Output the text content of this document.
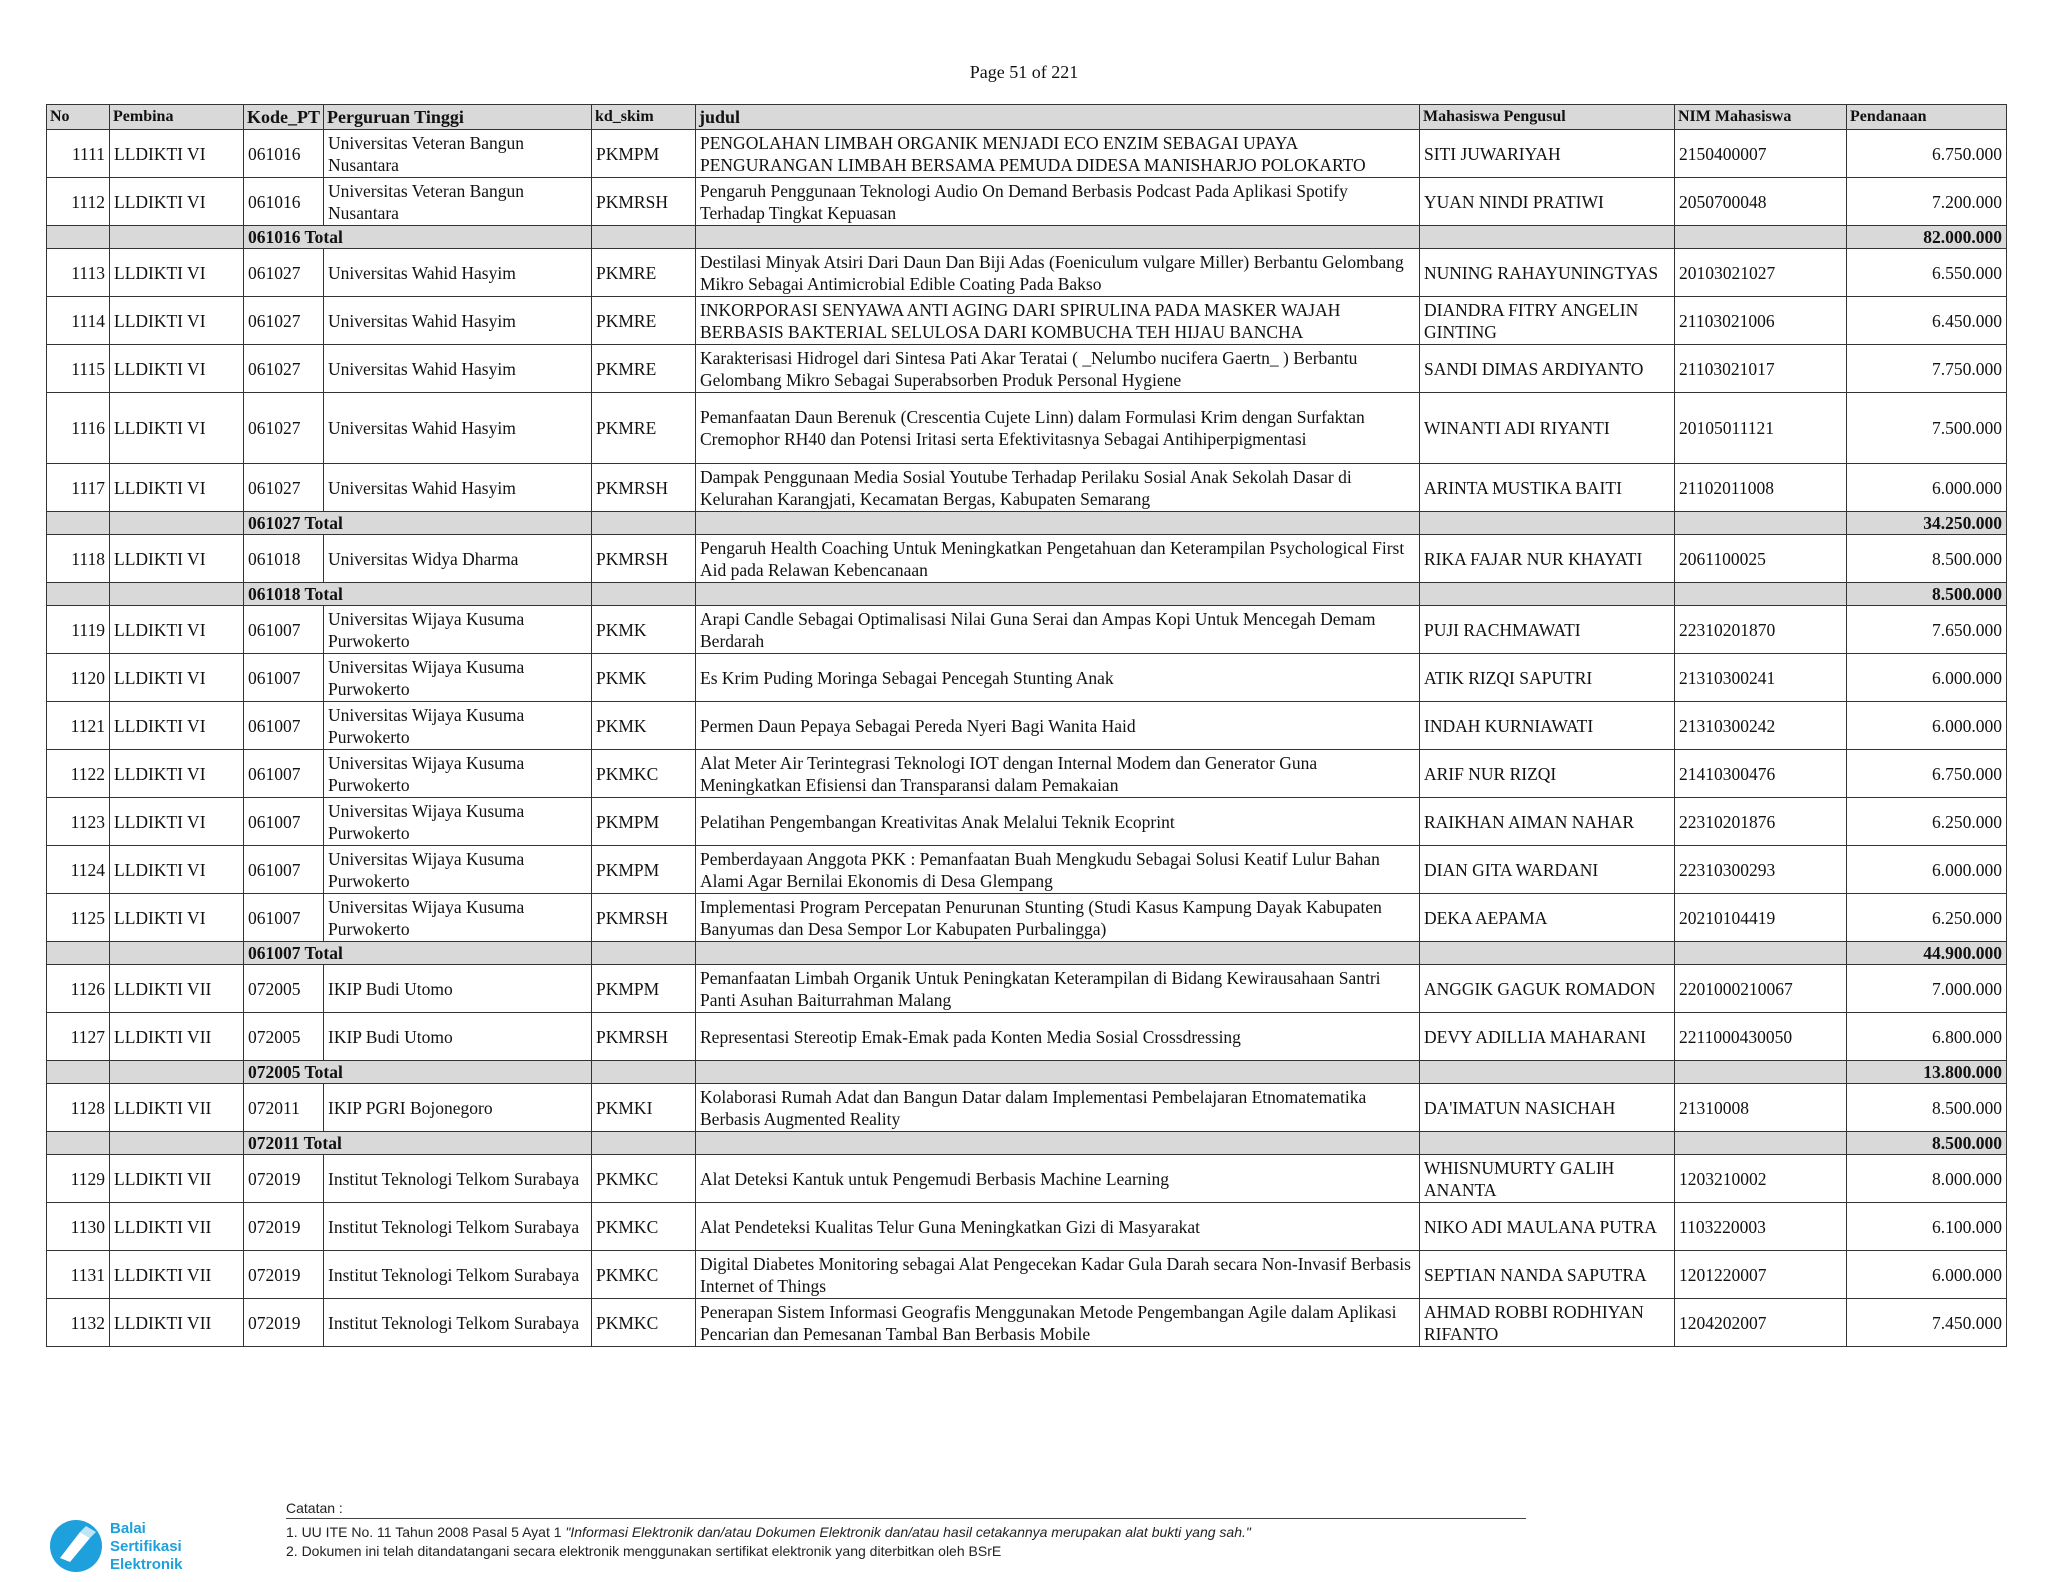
Page 51 of 221
No	Pembina	Kode_PT	Perguruan Tinggi	kd_skim	judul	Mahasiswa Pengusul	NIM Mahasiswa	Pendanaan
1111	LLDIKTI VI	061016	Universitas Veteran Bangun Nusantara	PKMPM	PENGOLAHAN LIMBAH ORGANIK MENJADI ECO ENZIM SEBAGAI UPAYA PENGURANGAN LIMBAH BERSAMA PEMUDA DIDESA MANISHARJO POLOKARTO	SITI JUWARIYAH	2150400007	6.750.000
1112	LLDIKTI VI	061016	Universitas Veteran Bangun Nusantara	PKMRSH	Pengaruh Penggunaan Teknologi Audio On Demand Berbasis Podcast Pada Aplikasi Spotify Terhadap Tingkat Kepuasan	YUAN NINDI PRATIWI	2050700048	7.200.000
		061016 Total						82.000.000
1113	LLDIKTI VI	061027	Universitas Wahid Hasyim	PKMRE	Destilasi Minyak Atsiri Dari Daun Dan Biji Adas (Foeniculum vulgare Miller) Berbantu Gelombang Mikro Sebagai Antimicrobial Edible Coating Pada Bakso	NUNING RAHAYUNINGTYAS	20103021027	6.550.000
1114	LLDIKTI VI	061027	Universitas Wahid Hasyim	PKMRE	INKORPORASI SENYAWA ANTI AGING DARI SPIRULINA PADA MASKER WAJAH BERBASIS BAKTERIAL SELULOSA DARI KOMBUCHA TEH HIJAU BANCHA	DIANDRA FITRY ANGELIN GINTING	21103021006	6.450.000
1115	LLDIKTI VI	061027	Universitas Wahid Hasyim	PKMRE	Karakterisasi Hidrogel dari Sintesa Pati Akar Teratai ( _Nelumbo nucifera Gaertn_ ) Berbantu Gelombang Mikro Sebagai Superabsorben Produk Personal Hygiene	SANDI DIMAS ARDIYANTO	21103021017	7.750.000
1116	LLDIKTI VI	061027	Universitas Wahid Hasyim	PKMRE	Pemanfaatan Daun Berenuk (Crescentia Cujete Linn) dalam Formulasi Krim dengan Surfaktan Cremophor RH40 dan Potensi Iritasi serta Efektivitasnya Sebagai Antihiperpigmentasi	WINANTI ADI RIYANTI	20105011121	7.500.000
1117	LLDIKTI VI	061027	Universitas Wahid Hasyim	PKMRSH	Dampak Penggunaan Media Sosial Youtube Terhadap Perilaku Sosial Anak Sekolah Dasar di Kelurahan Karangjati, Kecamatan Bergas, Kabupaten Semarang	ARINTA MUSTIKA BAITI	21102011008	6.000.000
		061027 Total						34.250.000
1118	LLDIKTI VI	061018	Universitas Widya Dharma	PKMRSH	Pengaruh Health Coaching Untuk Meningkatkan Pengetahuan dan Keterampilan Psychological First Aid pada Relawan Kebencanaan	RIKA FAJAR NUR KHAYATI	2061100025	8.500.000
		061018 Total						8.500.000
1119	LLDIKTI VI	061007	Universitas Wijaya Kusuma Purwokerto	PKMK	Arapi Candle Sebagai Optimalisasi Nilai Guna Serai dan Ampas Kopi Untuk Mencegah Demam Berdarah	PUJI RACHMAWATI	22310201870	7.650.000
1120	LLDIKTI VI	061007	Universitas Wijaya Kusuma Purwokerto	PKMK	Es Krim Puding Moringa Sebagai Pencegah Stunting Anak	ATIK RIZQI SAPUTRI	21310300241	6.000.000
1121	LLDIKTI VI	061007	Universitas Wijaya Kusuma Purwokerto	PKMK	Permen Daun Pepaya Sebagai Pereda Nyeri Bagi Wanita Haid	INDAH KURNIAWATI	21310300242	6.000.000
1122	LLDIKTI VI	061007	Universitas Wijaya Kusuma Purwokerto	PKMKC	Alat Meter Air Terintegrasi Teknologi IOT dengan Internal Modem dan Generator Guna Meningkatkan Efisiensi dan Transparansi dalam Pemakaian	ARIF NUR RIZQI	21410300476	6.750.000
1123	LLDIKTI VI	061007	Universitas Wijaya Kusuma Purwokerto	PKMPM	Pelatihan Pengembangan Kreativitas Anak Melalui Teknik Ecoprint	RAIKHAN AIMAN NAHAR	22310201876	6.250.000
1124	LLDIKTI VI	061007	Universitas Wijaya Kusuma Purwokerto	PKMPM	Pemberdayaan Anggota PKK : Pemanfaatan Buah Mengkudu Sebagai Solusi Keatif Lulur Bahan Alami Agar Bernilai Ekonomis di Desa Glempang	DIAN GITA WARDANI	22310300293	6.000.000
1125	LLDIKTI VI	061007	Universitas Wijaya Kusuma Purwokerto	PKMRSH	Implementasi Program Percepatan Penurunan Stunting (Studi Kasus Kampung Dayak Kabupaten Banyumas dan Desa Sempor Lor Kabupaten Purbalingga)	DEKA AEPAMA	20210104419	6.250.000
		061007 Total						44.900.000
1126	LLDIKTI VII	072005	IKIP Budi Utomo	PKMPM	Pemanfaatan Limbah Organik Untuk Peningkatan Keterampilan di Bidang Kewirausahaan Santri Panti Asuhan Baiturrahman Malang	ANGGIK GAGUK ROMADON	2201000210067	7.000.000
1127	LLDIKTI VII	072005	IKIP Budi Utomo	PKMRSH	Representasi Stereotip Emak-Emak pada Konten Media Sosial Crossdressing	DEVY ADILLIA MAHARANI	2211000430050	6.800.000
		072005 Total						13.800.000
1128	LLDIKTI VII	072011	IKIP PGRI Bojonegoro	PKMKI	Kolaborasi Rumah Adat dan Bangun Datar dalam Implementasi Pembelajaran Etnomatematika Berbasis Augmented Reality	DA'IMATUN NASICHAH	21310008	8.500.000
		072011 Total						8.500.000
1129	LLDIKTI VII	072019	Institut Teknologi Telkom Surabaya	PKMKC	Alat Deteksi Kantuk untuk Pengemudi Berbasis Machine Learning	WHISNUMURTY GALIH ANANTA	1203210002	8.000.000
1130	LLDIKTI VII	072019	Institut Teknologi Telkom Surabaya	PKMKC	Alat Pendeteksi Kualitas Telur Guna Meningkatkan Gizi di Masyarakat	NIKO ADI MAULANA PUTRA	1103220003	6.100.000
1131	LLDIKTI VII	072019	Institut Teknologi Telkom Surabaya	PKMKC	Digital Diabetes Monitoring sebagai Alat Pengecekan Kadar Gula Darah secara Non-Invasif Berbasis Internet of Things	SEPTIAN NANDA SAPUTRA	1201220007	6.000.000
1132	LLDIKTI VII	072019	Institut Teknologi Telkom Surabaya	PKMKC	Penerapan Sistem Informasi Geografis Menggunakan Metode Pengembangan Agile dalam Aplikasi Pencarian dan Pemesanan Tambal Ban Berbasis Mobile	AHMAD ROBBI RODHIYAN RIFANTO	1204202007	7.450.000
Balai
Sertifikasi
Elektronik
Catatan :
1. UU ITE No. 11 Tahun 2008 Pasal 5 Ayat 1 "Informasi Elektronik dan/atau Dokumen Elektronik dan/atau hasil cetakannya merupakan alat bukti yang sah."
2. Dokumen ini telah ditandatangani secara elektronik menggunakan sertifikat elektronik yang diterbitkan oleh BSrE
